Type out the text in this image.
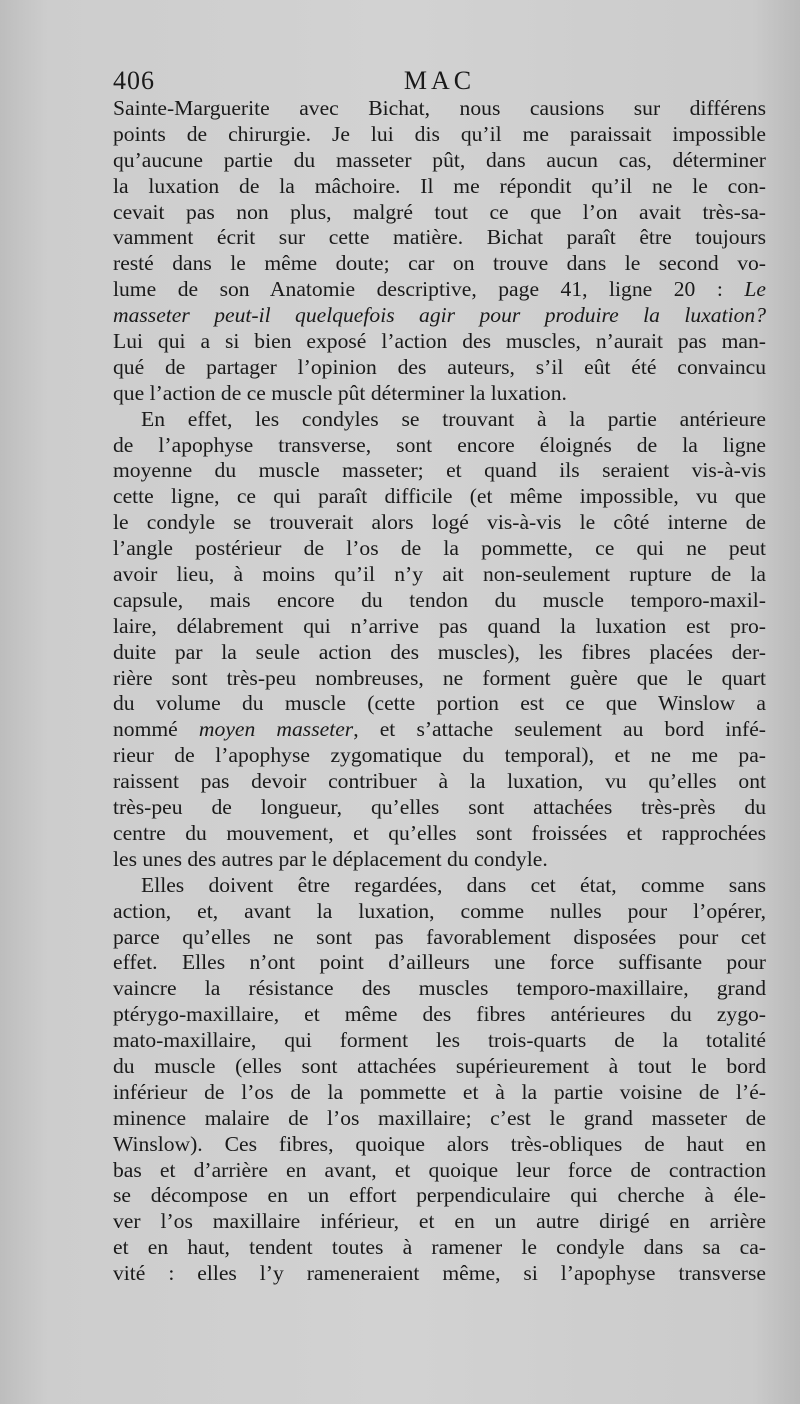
406	MAC
Sainte-Marguerite avec Bichat, nous causions sur différens
points de chirurgie. Je lui dis qu’il me paraissait impossible
qu’aucune partie du masseter pût, dans aucun cas, déterminer
la luxation de la mâchoire. Il me répondit qu’il ne le con-
cevait pas non plus, malgré tout ce que l’on avait très-sa-
vamment écrit sur cette matière. Bichat paraît être toujours
resté dans le même doute; car on trouve dans le second vo-
lume de son Anatomie descriptive, page 41, ligne 20 : Le
masseter peut-il quelquefois agir pour produire la luxation?
Lui qui a si bien exposé l’action des muscles, n’aurait pas man-
qué de partager l’opinion des auteurs, s’il eût été convaincu
que l’action de ce muscle pût déterminer la luxation.
En effet, les condyles se trouvant à la partie antérieure
de l’apophyse transverse, sont encore éloignés de la ligne
moyenne du muscle masseter; et quand ils seraient vis-à-vis
cette ligne, ce qui paraît difficile (et même impossible, vu que
le condyle se trouverait alors logé vis-à-vis le côté interne de
l’angle postérieur de l’os de la pommette, ce qui ne peut
avoir lieu, à moins qu’il n’y ait non-seulement rupture de la
capsule, mais encore du tendon du muscle temporo-maxil-
laire, délabrement qui n’arrive pas quand la luxation est pro-
duite par la seule action des muscles), les fibres placées der-
rière sont très-peu nombreuses, ne forment guère que le quart
du volume du muscle (cette portion est ce que Winslow a
nommé moyen masseter, et s’attache seulement au bord infé-
rieur de l’apophyse zygomatique du temporal), et ne me pa-
raissent pas devoir contribuer à la luxation, vu qu’elles ont
très-peu de longueur, qu’elles sont attachées très-près du
centre du mouvement, et qu’elles sont froissées et rapprochées
les unes des autres par le déplacement du condyle.
Elles doivent être regardées, dans cet état, comme sans
action, et, avant la luxation, comme nulles pour l’opérer,
parce qu’elles ne sont pas favorablement disposées pour cet
effet. Elles n’ont point d’ailleurs une force suffisante pour
vaincre la résistance des muscles temporo-maxillaire, grand
ptérygo-maxillaire, et même des fibres antérieures du zygo-
mato-maxillaire, qui forment les trois-quarts de la totalité
du muscle (elles sont attachées supérieurement à tout le bord
inférieur de l’os de la pommette et à la partie voisine de l’é-
minence malaire de l’os maxillaire; c’est le grand masseter de
Winslow). Ces fibres, quoique alors très-obliques de haut en
bas et d’arrière en avant, et quoique leur force de contraction
se décompose en un effort perpendiculaire qui cherche à éle-
ver l’os maxillaire inférieur, et en un autre dirigé en arrière
et en haut, tendent toutes à ramener le condyle dans sa ca-
vité : elles l’y rameneraient même, si l’apophyse transverse
